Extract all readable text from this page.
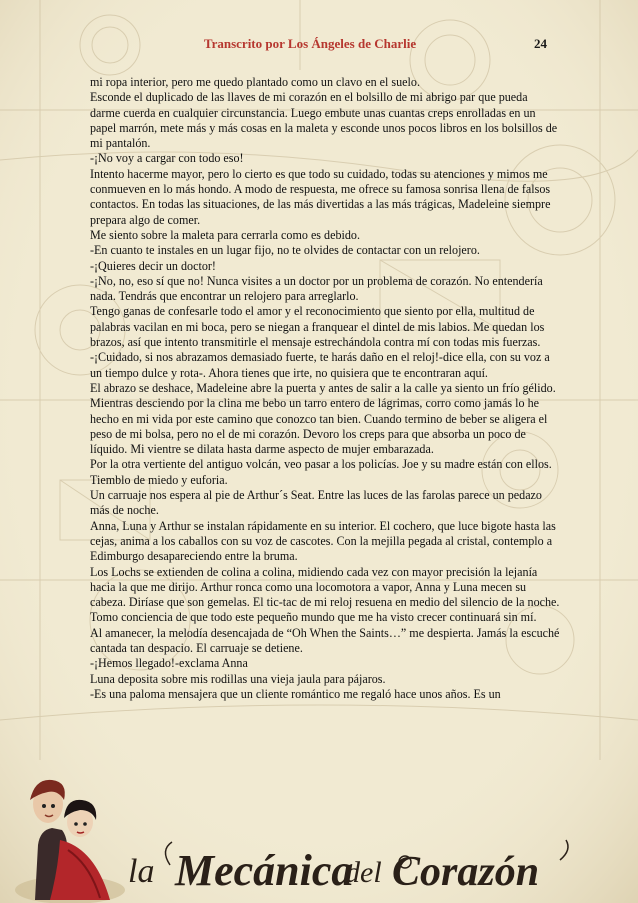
Transcrito por Los Ángeles de Charlie	24

mi ropa interior, pero me quedo plantado como un clavo en el suelo.

Esconde el duplicado de las llaves de mi corazón en el bolsillo de mi abrigo par que pueda darme cuerda en cualquier circunstancia. Luego embute unas cuantas creps enrolladas en un papel marrón, mete más y más cosas en la maleta y esconde unos pocos libros en los bolsillos de mi pantalón.

-¡No voy a cargar con todo eso!

Intento hacerme mayor, pero lo cierto es que todo su cuidado, todas su atenciones y mimos me conmueven en lo más hondo. A modo de respuesta, me ofrece su famosa sonrisa llena de falsos contactos. En todas las situaciones, de las más divertidas a las más trágicas, Madeleine siempre prepara algo de comer.

Me siento sobre la maleta para cerrarla como es debido.

-En cuanto te instales en un lugar fijo, no te olvides de contactar con un relojero.

-¡Quieres decir un doctor!

-¡No, no, eso sí que no! Nunca visites a un doctor por un problema de corazón. No entendería nada. Tendrás que encontrar un relojero para arreglarlo.

Tengo ganas de confesarle todo el amor y el reconocimiento que siento por ella, multitud de palabras vacilan en mi boca, pero se niegan a franquear el dintel de mis labios. Me quedan los brazos, así que intento transmitirle el mensaje estrechándola contra mí con todas mis fuerzas.

-¡Cuidado, si nos abrazamos demasiado fuerte, te harás daño en el reloj!-dice ella, con su voz a un tiempo dulce y rota-. Ahora tienes que irte, no quisiera que te encontraran aquí.

El abrazo se deshace, Madeleine abre la puerta y antes de salir a la calle ya siento un frío gélido.

Mientras desciendo por la clina me bebo un tarro entero de lágrimas, corro como jamás lo he hecho en mi vida por este camino que conozco tan bien. Cuando termino de beber se aligera el peso de mi bolsa, pero no el de mi corazón. Devoro los creps para que absorba un poco de líquido. Mi vientre se dilata hasta darme aspecto de mujer embarazada.

Por la otra vertiente del antiguo volcán, veo pasar a los policías. Joe y su madre están con ellos. Tiemblo de miedo y euforia.

Un carruaje nos espera al pie de Arthur´s Seat. Entre las luces de las farolas parece un pedazo más de noche.

Anna, Luna y Arthur se instalan rápidamente en su interior. El cochero, que luce bigote hasta las cejas, anima a los caballos con su voz de cascotes. Con la mejilla pegada al cristal, contemplo a Edimburgo desapareciendo entre la bruma.

Los Lochs se extienden de colina a colina, midiendo cada vez con mayor precisión la lejanía hacia la que me dirijo. Arthur ronca como una locomotora a vapor, Anna y Luna mecen su cabeza. Diríase que son gemelas. El tic-tac de mi reloj resuena en medio del silencio de la noche. Tomo conciencia de que todo este pequeño mundo que me ha visto crecer continuará sin mí.

Al amanecer, la melodía desencajada de “Oh When the Saints…” me despierta. Jamás la escuché cantada tan despacio. El carruaje se detiene.

-¡Hemos llegado!-exclama Anna

Luna deposita sobre mis rodillas una vieja jaula para pájaros.

-Es una paloma mensajera que un cliente romántico me regaló hace unos años. Es un

la Mecánica
del Corazón
